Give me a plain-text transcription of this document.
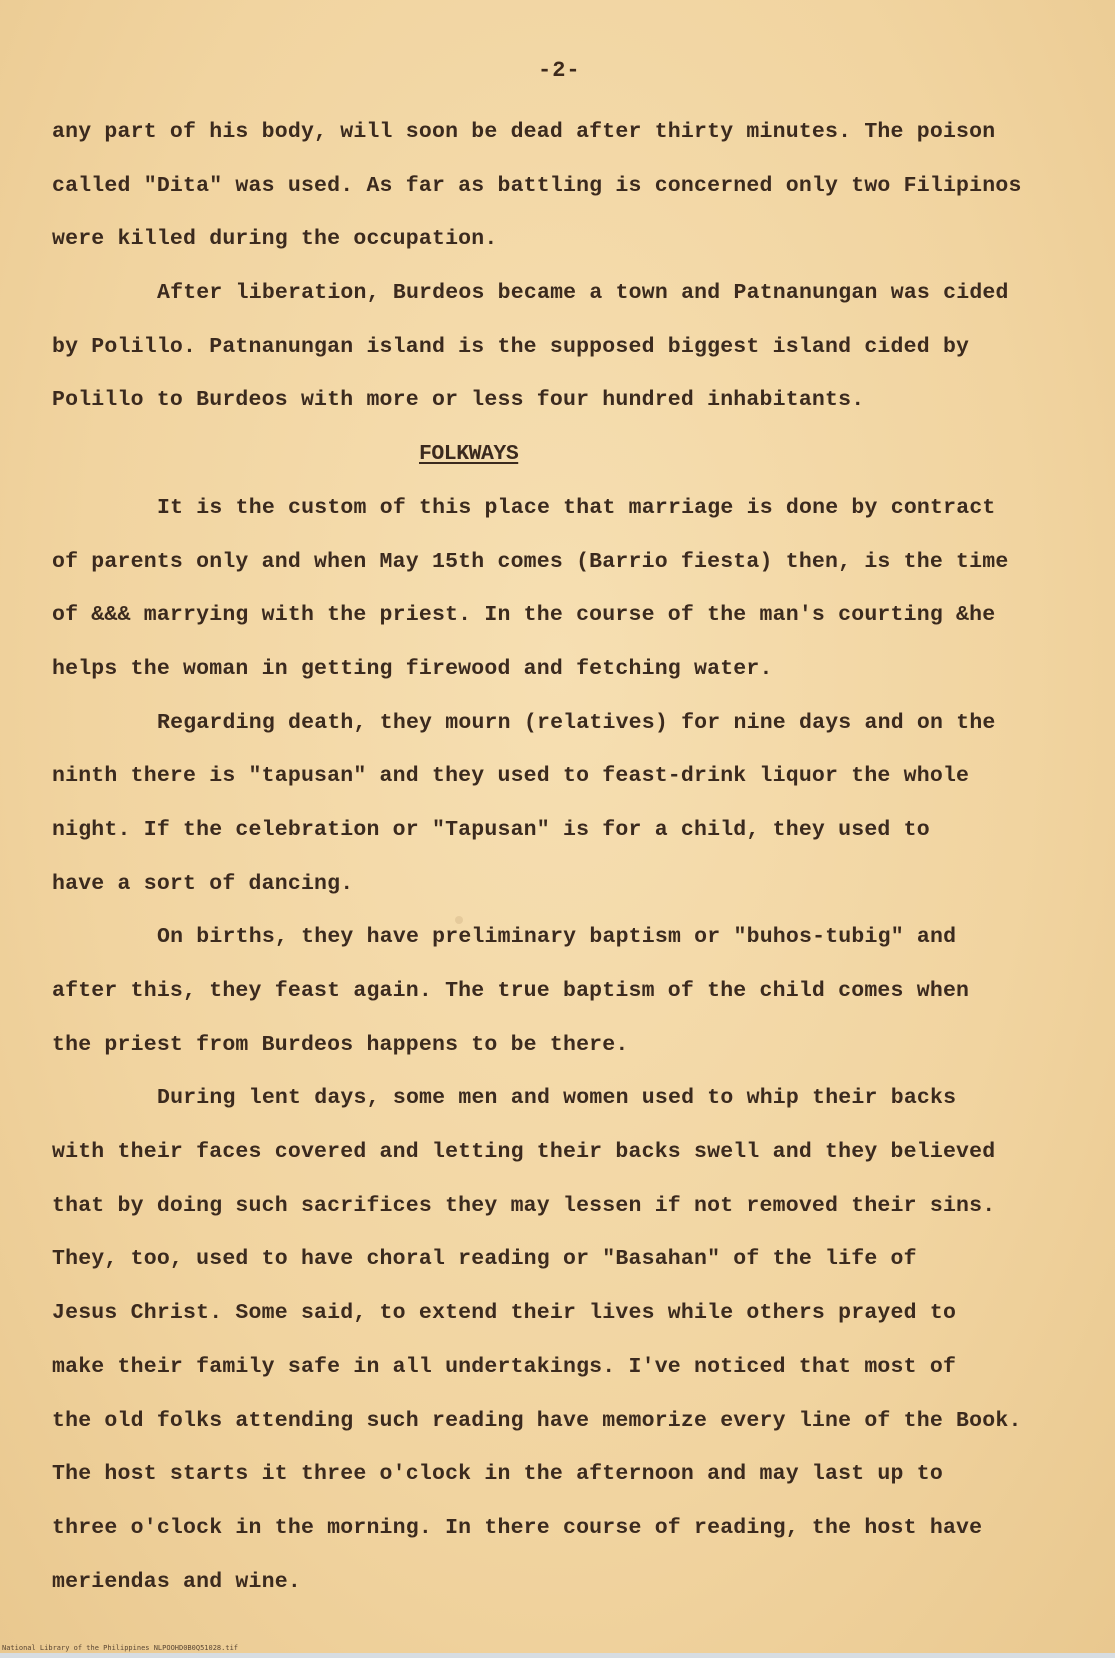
-2-
any part of his body, will soon be dead after thirty minutes. The poison
called "Dita" was used. As far as battling is concerned only two Filipinos
were killed during the occupation.
After liberation, Burdeos became a town and Patnanungan was cided
by Polillo. Patnanungan island is the supposed biggest island cided by
Polillo to Burdeos with more or less four hundred inhabitants.
FOLKWAYS
It is the custom of this place that marriage is done by contract
of parents only and when May 15th comes (Barrio fiesta) then, is the time
of &&& marrying with the priest. In the course of the man's courting &he
helps the woman in getting firewood and fetching water.
Regarding death, they mourn (relatives) for nine days and on the
ninth there is "tapusan" and they used to feast-drink liquor the whole
night. If the celebration or "Tapusan" is for a child, they used to
have a sort of dancing.
On births, they have preliminary baptism or "buhos-tubig" and
after this, they feast again. The true baptism of the child comes when
the priest from Burdeos happens to be there.
During lent days, some men and women used to whip their backs
with their faces covered and letting their backs swell and they believed
that by doing such sacrifices they may lessen if not removed their sins.
They, too, used to have choral reading or "Basahan" of the life of
Jesus Christ. Some said, to extend their lives while others prayed to
make their family safe in all undertakings. I've noticed that most of
the old folks attending such reading have memorize every line of the Book.
The host starts it three o'clock in the afternoon and may last up to
three o'clock in the morning. In there course of reading, the host have
meriendas and wine.
National Library of the Philippines NLPOOHD0B0Q51028.tif
